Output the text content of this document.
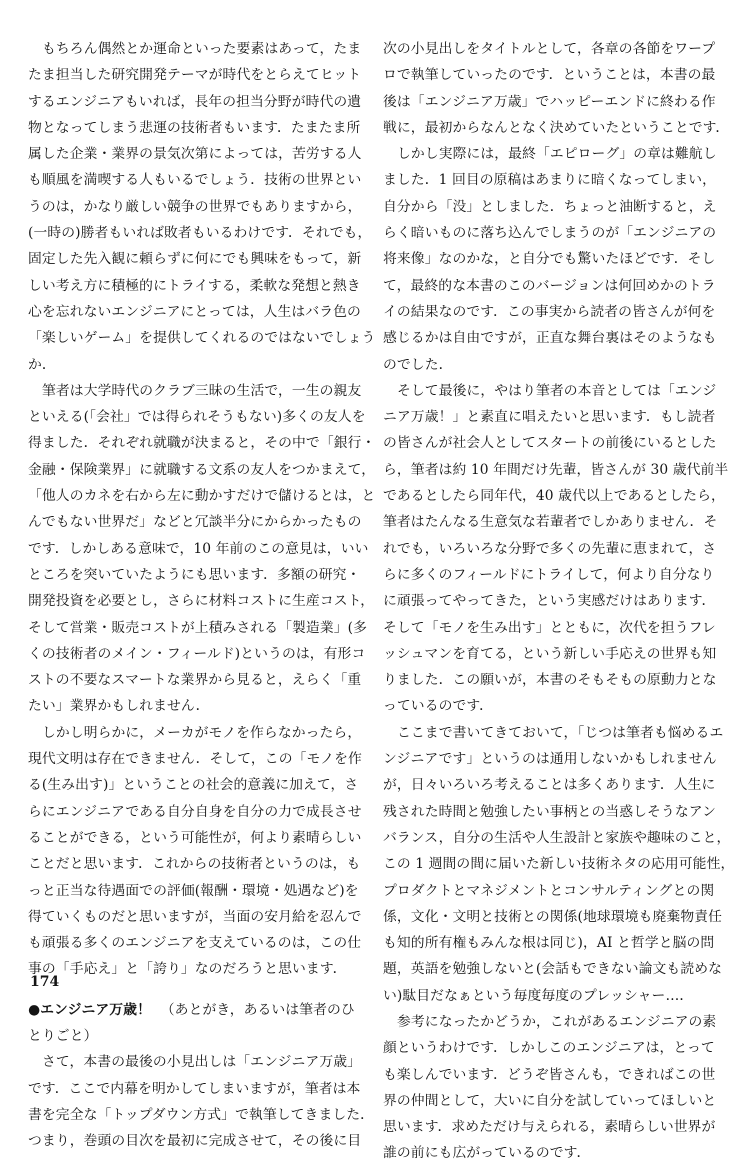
もちろん偶然とか運命といった要素はあって，たま
たま担当した研究開発テーマが時代をとらえてヒット
するエンジニアもいれば，長年の担当分野が時代の遺
物となってしまう悲運の技術者もいます．たまたま所
属した企業・業界の景気次第によっては，苦労する人
も順風を満喫する人もいるでしょう．技術の世界とい
うのは，かなり厳しい競争の世界でもありますから，
(一時の)勝者もいれば敗者もいるわけです．それでも，
固定した先入観に頼らずに何にでも興味をもって，新
しい考え方に積極的にトライする，柔軟な発想と熱き
心を忘れないエンジニアにとっては，人生はバラ色の
「楽しいゲーム」を提供してくれるのではないでしょう
か．
筆者は大学時代のクラブ三昧の生活で，一生の親友
といえる(「会社」では得られそうもない)多くの友人を
得ました．それぞれ就職が決まると，その中で「銀行・
金融・保険業界」に就職する文系の友人をつかまえて，
「他人のカネを右から左に動かすだけで儲けるとは，と
んでもない世界だ」などと冗談半分にからかったもの
です．しかしある意味で，10 年前のこの意見は，いい
ところを突いていたようにも思います．多額の研究・
開発投資を必要とし，さらに材料コストに生産コスト，
そして営業・販売コストが上積みされる「製造業」(多
くの技術者のメイン・フィールド)というのは，有形コ
ストの不要なスマートな業界から見ると，えらく「重
たい」業界かもしれません．
しかし明らかに，メーカがモノを作らなかったら，
現代文明は存在できません．そして，この「モノを作
る(生み出す)」ということの社会的意義に加えて，さ
らにエンジニアである自分自身を自分の力で成長させ
ることができる，という可能性が，何より素晴らしい
ことだと思います．これからの技術者というのは，も
っと正当な待遇面での評価(報酬・環境・処遇など)を
得ていくものだと思いますが，当面の安月給を忍んで
も頑張る多くのエンジニアを支えているのは，この仕
事の「手応え」と「誇り」なのだろうと思います．
●エンジニア万歳！ （あとがき，あるいは筆者のひ
とりごと）
さて，本書の最後の小見出しは「エンジニア万歳」
です．ここで内幕を明かしてしまいますが，筆者は本
書を完全な「トップダウン方式」で執筆してきました．
つまり，巻頭の目次を最初に完成させて，その後に目
次の小見出しをタイトルとして，各章の各節をワープ
ロで執筆していったのです．ということは，本書の最
後は「エンジニア万歳」でハッピーエンドに終わる作
戦に，最初からなんとなく決めていたということです．
しかし実際には，最終「エピローグ」の章は難航し
ました．1 回目の原稿はあまりに暗くなってしまい，
自分から「没」としました．ちょっと油断すると，え
らく暗いものに落ち込んでしまうのが「エンジニアの
将来像」なのかな，と自分でも驚いたほどです．そし
て，最終的な本書のこのバージョンは何回めかのトラ
イの結果なのです．この事実から読者の皆さんが何を
感じるかは自由ですが，正直な舞台裏はそのようなも
のでした．
そして最後に，やはり筆者の本音としては「エンジ
ニア万歳！」と素直に唱えたいと思います．もし読者
の皆さんが社会人としてスタートの前後にいるとした
ら，筆者は約 10 年間だけ先輩，皆さんが 30 歳代前半
であるとしたら同年代，40 歳代以上であるとしたら，
筆者はたんなる生意気な若輩者でしかありません．そ
れでも，いろいろな分野で多くの先輩に恵まれて，さ
らに多くのフィールドにトライして，何より自分なり
に頑張ってやってきた，という実感だけはあります．
そして「モノを生み出す」とともに，次代を担うフレ
ッシュマンを育てる，という新しい手応えの世界も知
りました．この願いが，本書のそもそもの原動力とな
っているのです．
ここまで書いてきておいて，「じつは筆者も悩めるエ
ンジニアです」というのは通用しないかもしれません
が，日々いろいろ考えることは多くあります．人生に
残された時間と勉強したい事柄との当惑しそうなアン
バランス，自分の生活や人生設計と家族や趣味のこと，
この 1 週間の間に届いた新しい技術ネタの応用可能性，
プロダクトとマネジメントとコンサルティングとの関
係，文化・文明と技術との関係(地球環境も廃棄物責任
も知的所有権もみんな根は同じ)，AI と哲学と脳の問
題，英語を勉強しないと(会話もできない論文も読めな
い)駄目だなぁという毎度毎度のプレッシャー…．
参考になったかどうか，これがあるエンジニアの素
顔というわけです．しかしこのエンジニアは，とって
も楽しんでいます．どうぞ皆さんも，できればこの世
界の仲間として，大いに自分を試していってほしいと
思います．求めただけ与えられる，素晴らしい世界が
誰の前にも広がっているのです．
174
